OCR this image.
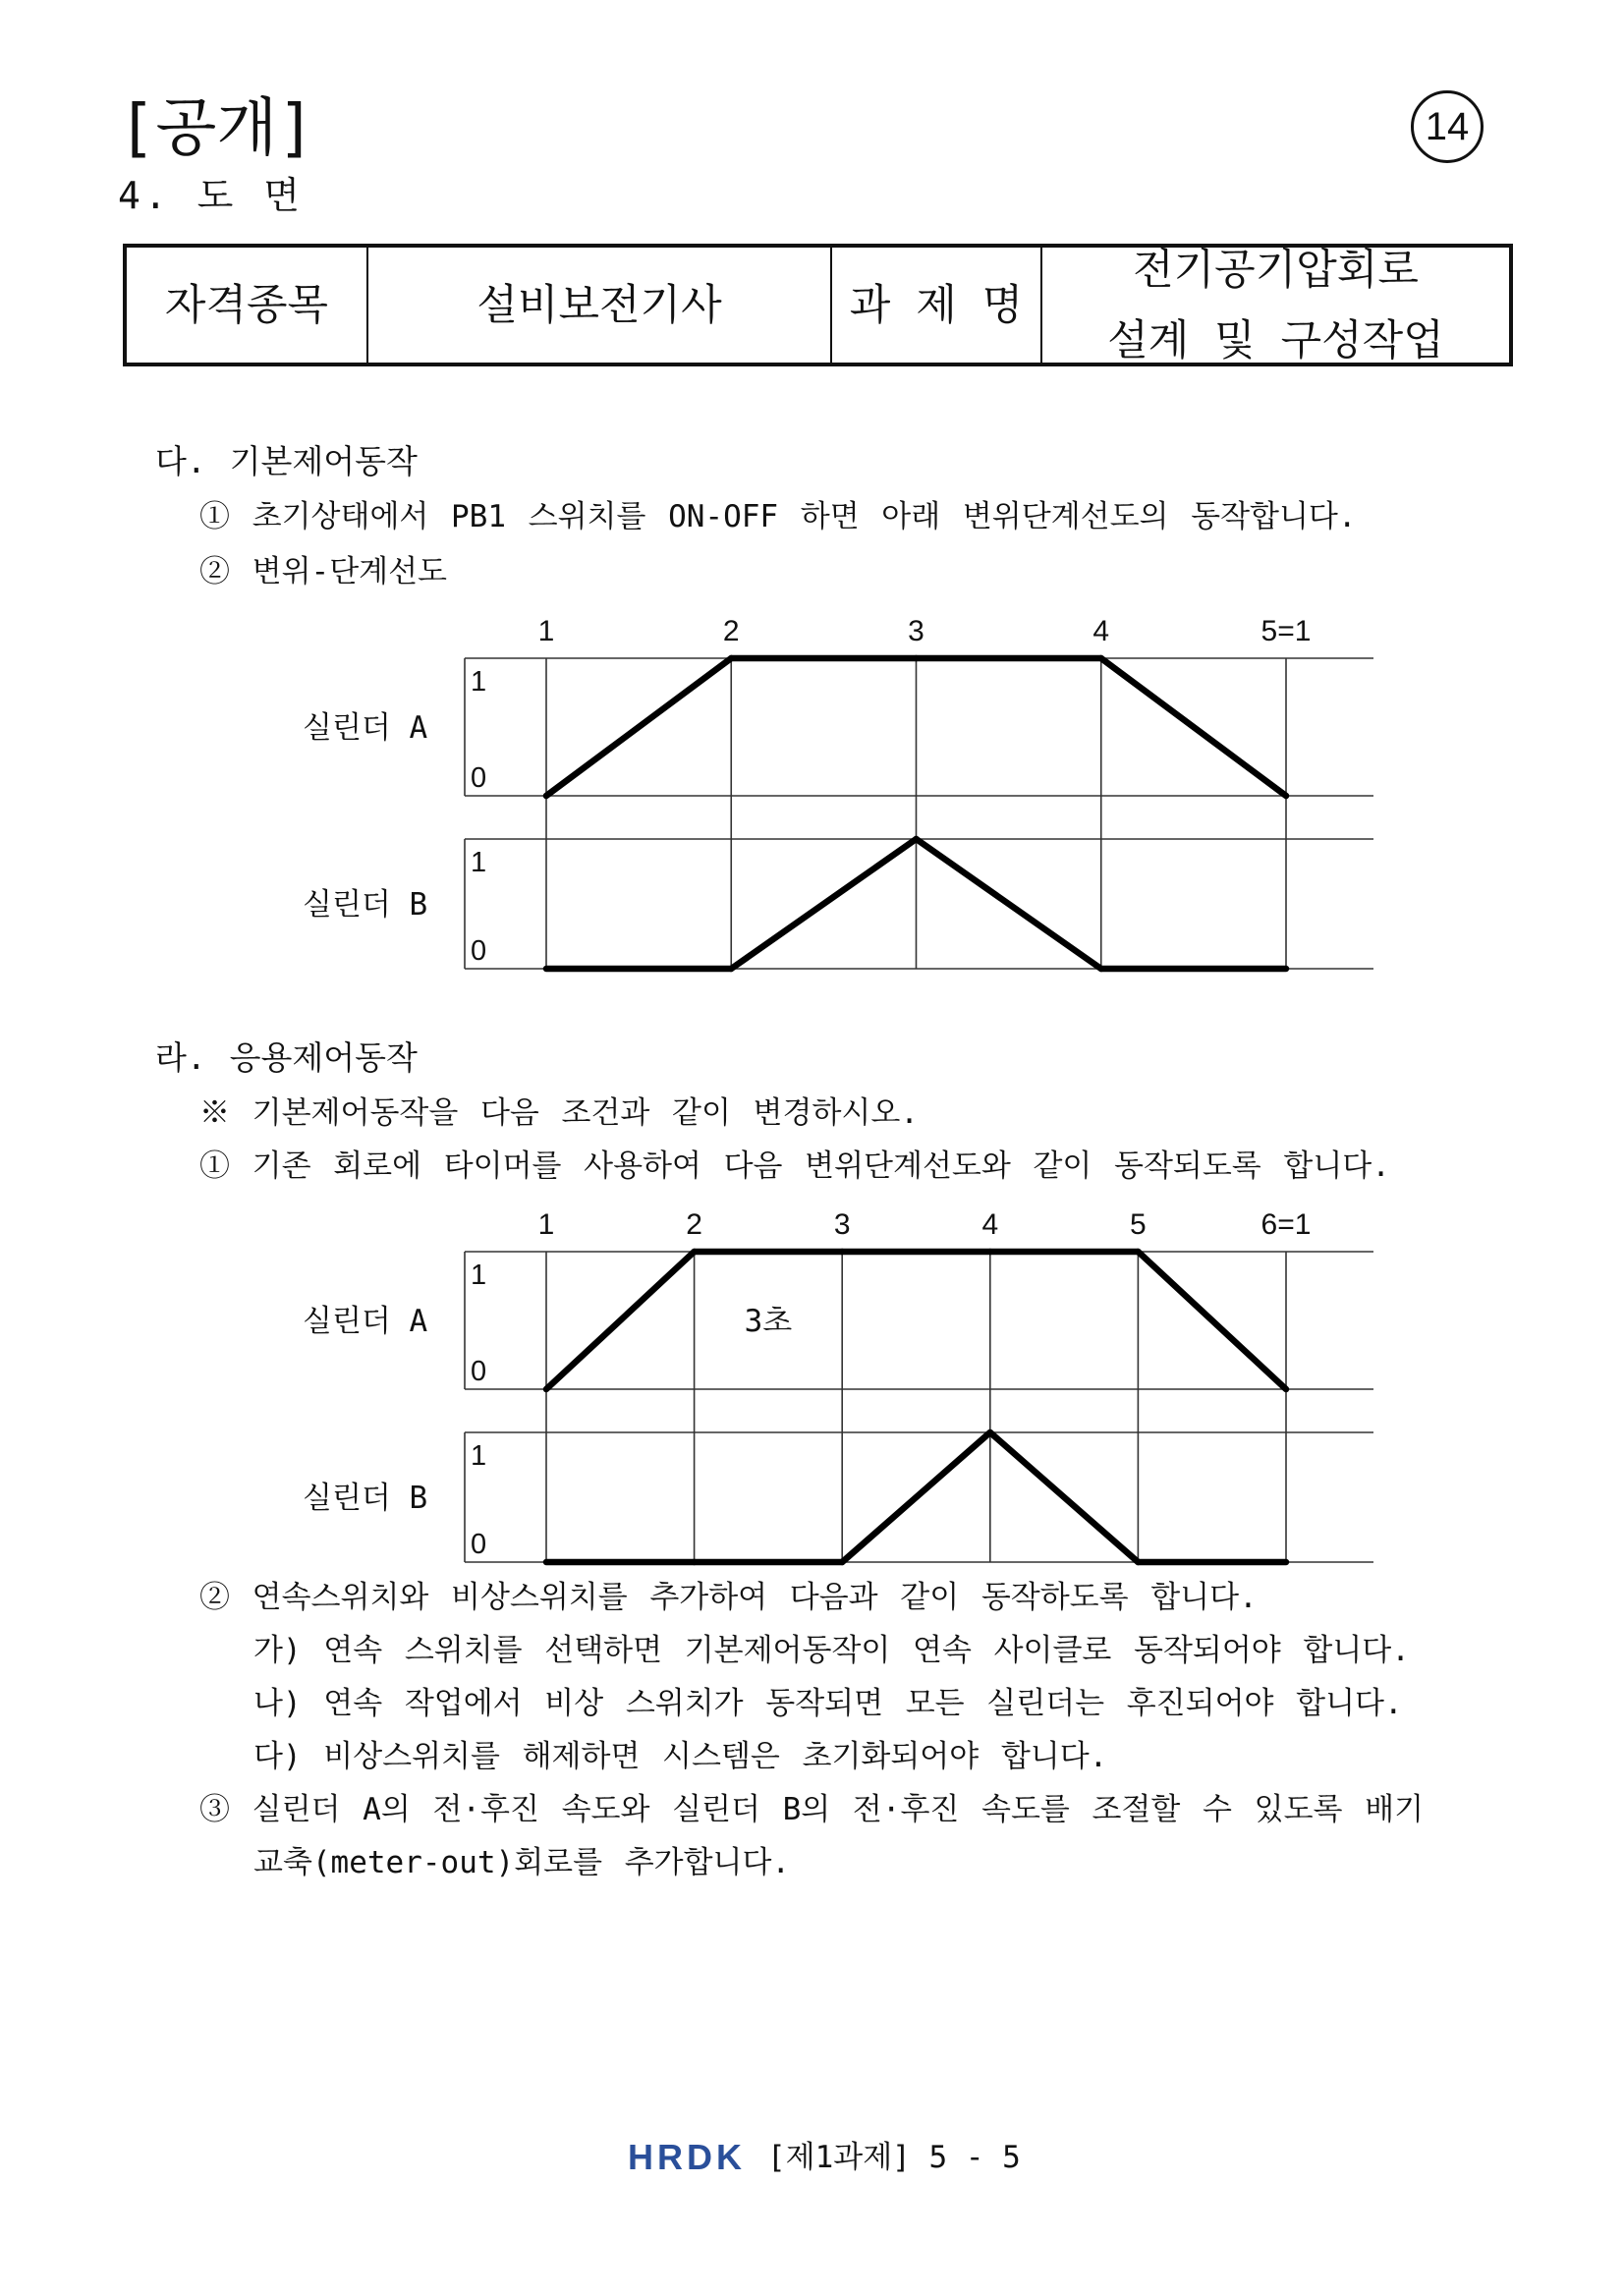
[공개]	14
4. 도 면
자격종목	설비보전기사	과 제 명
전기공기압회로
설계 및 구성작업
다. 기본제어동작
① 초기상태에서 PB1 스위치를 ON-OFF 하면 아래 변위단계선도의 동작합니다.
② 변위-단계선도
1	2	3	4	5=1
실린더 A
0
1
실린더 B
0
1
라. 응용제어동작
※ 기본제어동작을 다음 조건과 같이 변경하시오.
① 기존 회로에 타이머를 사용하여 다음 변위단계선도와 같이 동작되도록 합니다.
1	2	3	4	5	6=1
실린더 A
0
1
3초
실린더 B
0
1
② 연속스위치와 비상스위치를 추가하여 다음과 같이 동작하도록 합니다.
가) 연속 스위치를 선택하면 기본제어동작이 연속 사이클로 동작되어야 합니다.
나) 연속 작업에서 비상 스위치가 동작되면 모든 실린더는 후진되어야 합니다.
다) 비상스위치를 해제하면 시스템은 초기화되어야 합니다.
③ 실린더 A의 전·후진 속도와 실린더 B의 전·후진 속도를 조절할 수 있도록 배기
교축(meter-out)회로를 추가합니다.
HRDK [제1과제] 5 - 5
